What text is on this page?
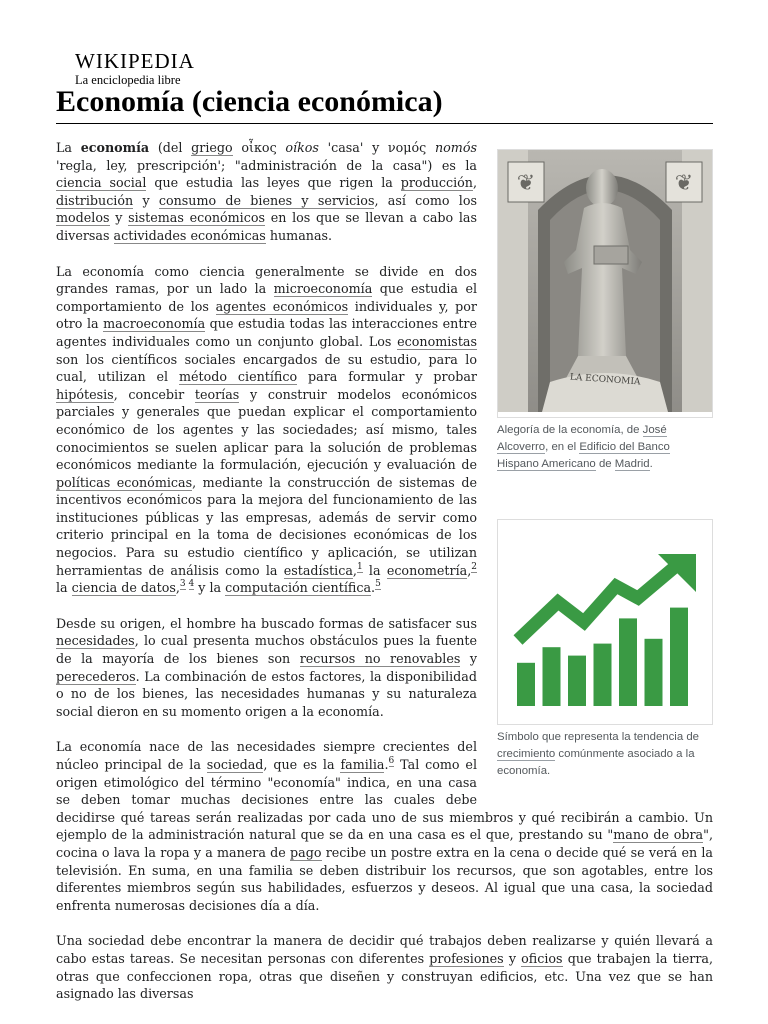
WIKIPEDIA
La enciclopedia libre
Economía (ciencia económica)
❦	❦
LA ECONOMIA
Alegoría de la economía, de José Alcoverro, en el Edificio del Banco Hispano Americano de Madrid.
Símbolo que representa la tendencia de crecimiento comúnmente asociado a la economía.

La economía (del griego οἶκος oíkos 'casa' y νομός nomós 'regla, ley, prescripción'; "administración de la casa") es la ciencia social que estudia las leyes que rigen la producción, distribución y consumo de bienes y servicios, así como los modelos y sistemas económicos en los que se llevan a cabo las diversas actividades económicas humanas.

La economía como ciencia generalmente se divide en dos grandes ramas, por un lado la microeconomía que estudia el comportamiento de los agentes económicos individuales y, por otro la macroeconomía que estudia todas las interacciones entre agentes individuales como un conjunto global. Los economistas son los científicos sociales encargados de su estudio, para lo cual, utilizan el método científico para formular y probar hipótesis, concebir teorías y construir modelos económicos parciales y generales que puedan explicar el comportamiento económico de los agentes y las sociedades; así mismo, tales conocimientos se suelen aplicar para la solución de problemas económicos mediante la formulación, ejecución y evaluación de políticas económicas, mediante la construcción de sistemas de incentivos económicos para la mejora del funcionamiento de las instituciones públicas y las empresas, además de servir como criterio principal en la toma de decisiones económicas de los negocios. Para su estudio científico y aplicación, se utilizan herramientas de análisis como la estadística,$^1$ la econometría,$^2$ la ciencia de datos,$^3$ $^4$ y la computación científica.$^5$

Desde su origen, el hombre ha buscado formas de satisfacer sus necesidades, lo cual presenta muchos obstáculos pues la fuente de la mayoría de los bienes son recursos no renovables y perecederos. La combinación de estos factores, la disponibilidad o no de los bienes, las necesidades humanas y su naturaleza social dieron en su momento origen a la economía.

La economía nace de las necesidades siempre crecientes del núcleo principal de la sociedad, que es la familia.$^6$ Tal como el origen etimológico del término "economía" indica, en una casa se deben tomar muchas decisiones entre las cuales debe decidirse qué tareas serán realizadas por cada uno de sus miembros y qué recibirán a cambio. Un ejemplo de la administración natural que se da en una casa es el que, prestando su "mano de obra", cocina o lava la ropa y a manera de pago recibe un postre extra en la cena o decide qué se verá en la televisión. En suma, en una familia se deben distribuir los recursos, que son agotables, entre los diferentes miembros según sus habilidades, esfuerzos y deseos. Al igual que una casa, la sociedad enfrenta numerosas decisiones día a día.

Una sociedad debe encontrar la manera de decidir qué trabajos deben realizarse y quién llevará a cabo estas tareas. Se necesitan personas con diferentes profesiones y oficios que trabajen la tierra, otras que confeccionen ropa, otras que diseñen y construyan edificios, etc. Una vez que se han asignado las diversas
